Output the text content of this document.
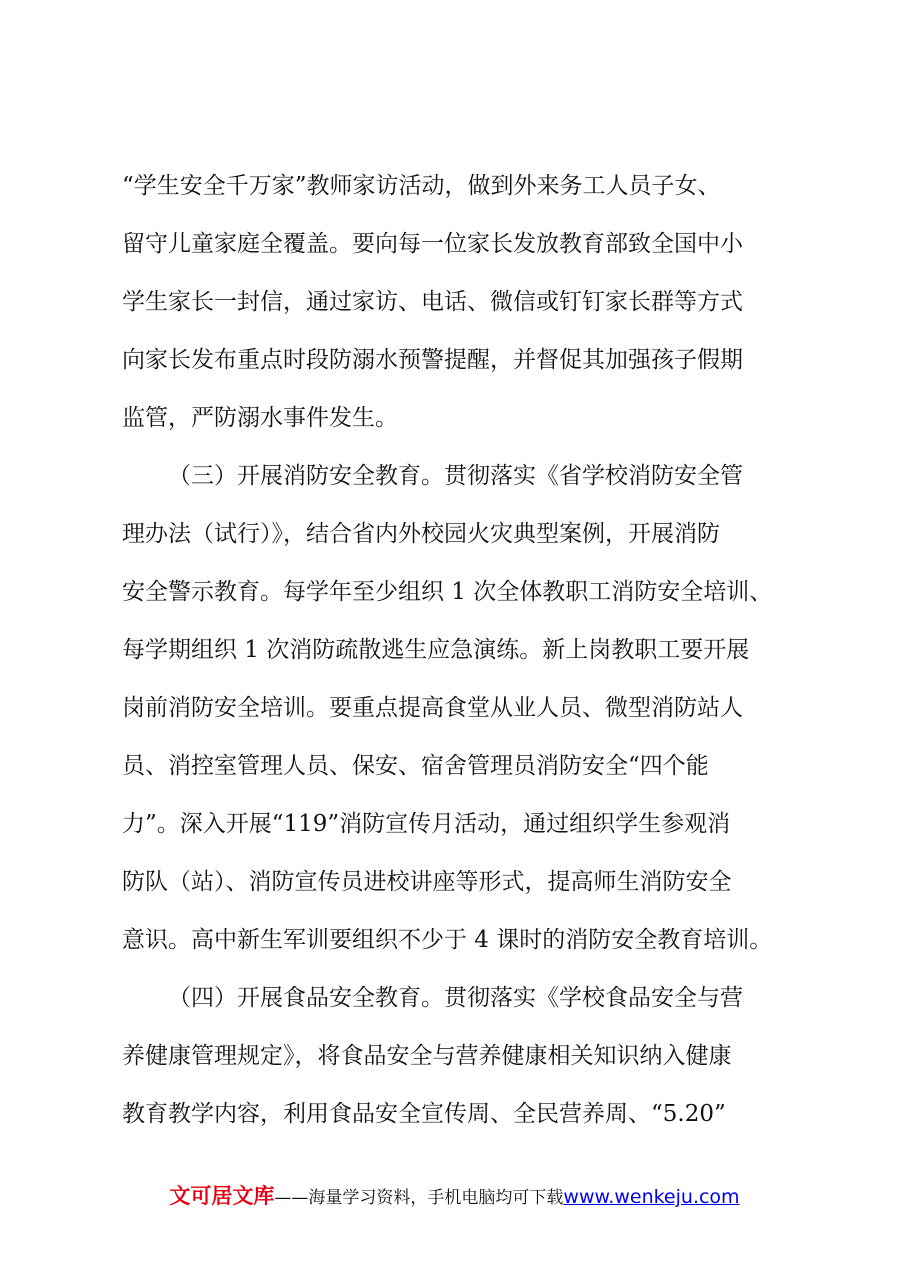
“学生安全千万家”教师家访活动，做到外来务工人员子女、
留守儿童家庭全覆盖。要向每一位家长发放教育部致全国中小
学生家长一封信，通过家访、电话、微信或钉钉家长群等方式
向家长发布重点时段防溺水预警提醒，并督促其加强孩子假期
监管，严防溺水事件发生。
（三）开展消防安全教育。贯彻落实《省学校消防安全管
理办法（试行）》，结合省内外校园火灾典型案例，开展消防
安全警示教育。每学年至少组织 1 次全体教职工消防安全培训、
每学期组织 1 次消防疏散逃生应急演练。新上岗教职工要开展
岗前消防安全培训。要重点提高食堂从业人员、微型消防站人
员、消控室管理人员、保安、宿舍管理员消防安全“四个能
力”。深入开展“119”消防宣传月活动，通过组织学生参观消
防队（站）、消防宣传员进校讲座等形式，提高师生消防安全
意识。高中新生军训要组织不少于 4 课时的消防安全教育培训。
（四）开展食品安全教育。贯彻落实《学校食品安全与营
养健康管理规定》，将食品安全与营养健康相关知识纳入健康
教育教学内容，利用食品安全宣传周、全民营养周、“5.20”
文可居文库——海量学习资料，手机电脑均可下载www.wenkeju.com
